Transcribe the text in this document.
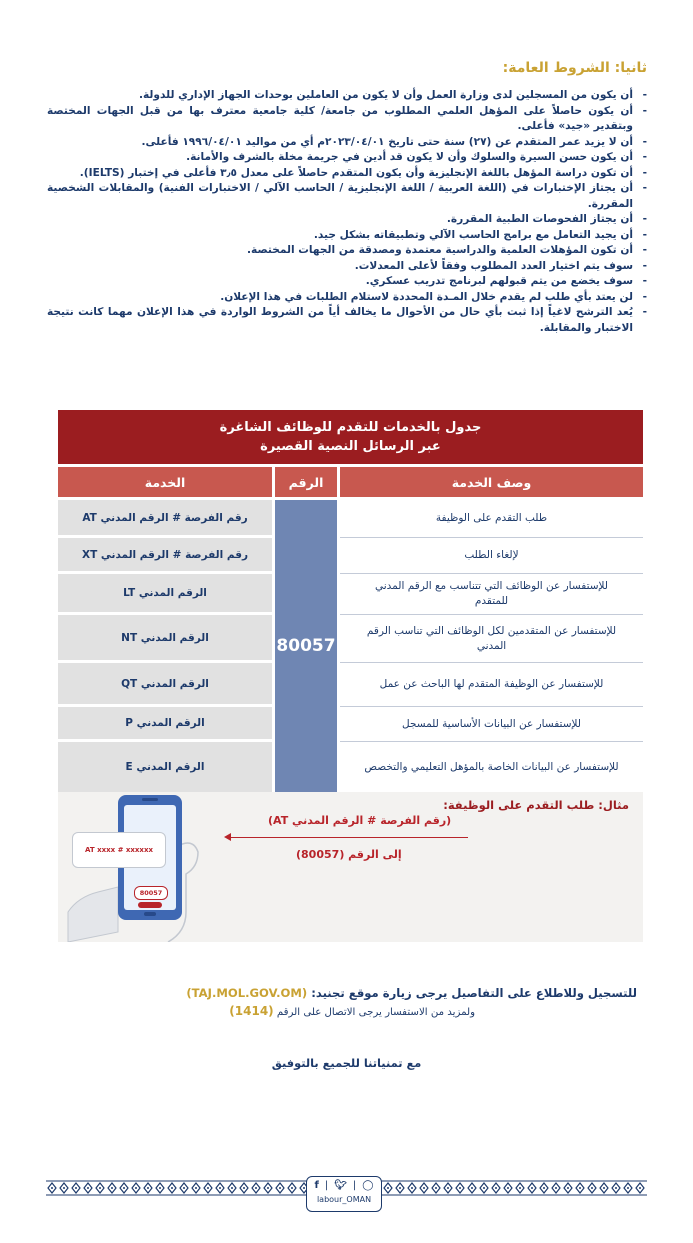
ثانيا: الشروط العامة:
- أن يكون من المسجلين لدى وزارة العمل وأن لا يكون من العاملين بوحدات الجهاز الإداري للدولة.
- أن يكون حاصلاً على المؤهل العلمي المطلوب من جامعة/ كلية جامعية معترف بها من قبل الجهات المختصة وبتقدير «جيد» فأعلى.
- أن لا يزيد عمر المتقدم عن (٢٧) سنة حتى تاريخ ٢٠٢٣/٠٤/٠١م أي من مواليد ١٩٩٦/٠٤/٠١ فأعلى.
- أن يكون حسن السيرة والسلوك وأن لا يكون قد أدين في جريمة مخلة بالشرف والأمانة.
- أن تكون دراسة المؤهل باللغة الإنجليزية وأن يكون المتقدم حاصلاً على معدل ٣٫٥ فأعلى في إختبار (IELTS).
- أن يجتاز الإختبارات في (اللغة العربية / اللغة الإنجليزية / الحاسب الآلي / الاختبارات الفنية) والمقابلات الشخصية المقررة.
- أن يجتاز الفحوصات الطبية المقررة.
- أن يجيد التعامل مع برامج الحاسب الآلي وتطبيقاته بشكل جيد.
- أن تكون المؤهلات العلمية والدراسية معتمدة ومصدقة من الجهات المختصة.
- سوف يتم اختيار العدد المطلوب وفقاً لأعلى المعدلات.
- سوف يخضع من يتم قبولهم لبرنامج تدريب عسكري.
- لن يعتد بأي طلب لم يقدم خلال المـدة المحددة لاستلام الطلبات في هذا الإعلان.
- يُعد الترشح لاغياً إذا ثبت بأي حال من الأحوال ما يخالف أياً من الشروط الواردة في هذا الإعلان مهما كانت نتيجة الاختبار والمقابلة.
جدول بالخدمات للتقدم للوظائف الشاغرة
عبر الرسائل النصية القصيرة
الخدمة	الرقم	وصف الخدمة
رقم الفرصة # الرقم المدني AT
رقم الفرصة # الرقم المدني XT
الرقم المدني LT
الرقم المدني NT
الرقم المدني QT
الرقم المدني P
الرقم المدني E
80057
طلب التقدم على الوظيفة
لإلغاء الطلب
للإستفسار عن الوظائف التي تتناسب مع الرقم المدني للمتقدم
للإستفسار عن المتقدمين لكل الوظائف التي تناسب الرقم المدني
للإستفسار عن الوظيفة المتقدم لها الباحث عن عمل
للإستفسار عن البيانات الأساسية للمسجل
للإستفسار عن البيانات الخاصة بالمؤهل التعليمي والتخصص
AT xxxx # xxxxxx
80057
مثال: طلب التقدم على الوظيفة:
(رقم الفرصة # الرقم المدني AT)
إلى الرقم (80057)
للتسجيل وللاطلاع على التفاصيل يرجى زيارة موقع تجنيد: (TAJ.MOL.GOV.OM)
ولمزيد من الاستفسار يرجى الاتصال على الرقم (1414)
مع تمنياتنا للجميع بالتوفيق
f | 🐦︎ | ◯
labour_OMAN
